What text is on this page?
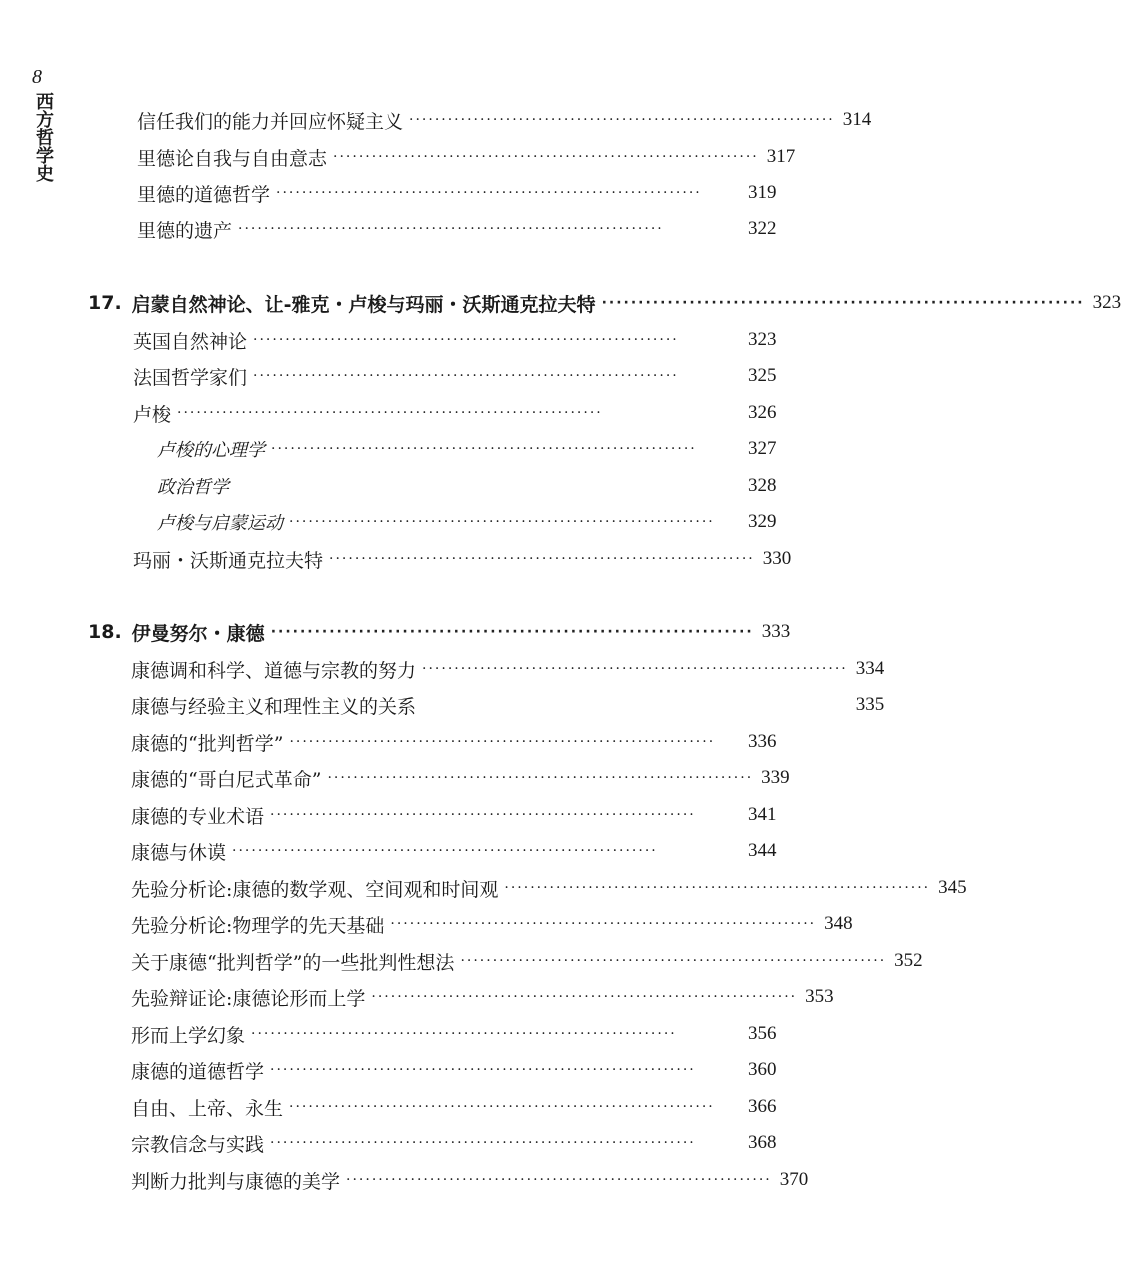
8
西方哲学史	信任我们的能力并回应怀疑主义 ·································································· 314
里德论自我与自由意志 ·································································· 317
里德的道德哲学 ··································································	319
里德的遗产 ··································································	322
17. 启蒙自然神论、让-雅克・卢梭与玛丽・沃斯通克拉夫特 ·································································· 323
英国自然神论 ··································································	323
法国哲学家们 ··································································	325
卢梭 ··································································	326
卢梭的心理学 ··································································	327
政治哲学	328
卢梭与启蒙运动 ··································································	329
玛丽・沃斯通克拉夫特 ·································································· 330
18. 伊曼努尔・康德 ·································································· 333
康德调和科学、道德与宗教的努力 ·································································· 334
康德与经验主义和理性主义的关系	335
康德的“批判哲学” ··································································	336
康德的“哥白尼式革命” ·································································· 339
康德的专业术语 ··································································	341
康德与休谟 ··································································	344
先验分析论:康德的数学观、空间观和时间观 ·································································· 345
先验分析论:物理学的先天基础 ·································································· 348
关于康德“批判哲学”的一些批判性想法 ·································································· 352
先验辩证论:康德论形而上学 ·································································· 353
形而上学幻象 ··································································	356
康德的道德哲学 ··································································	360
自由、上帝、永生 ··································································	366
宗教信念与实践 ··································································	368
判断力批判与康德的美学 ·································································· 370
